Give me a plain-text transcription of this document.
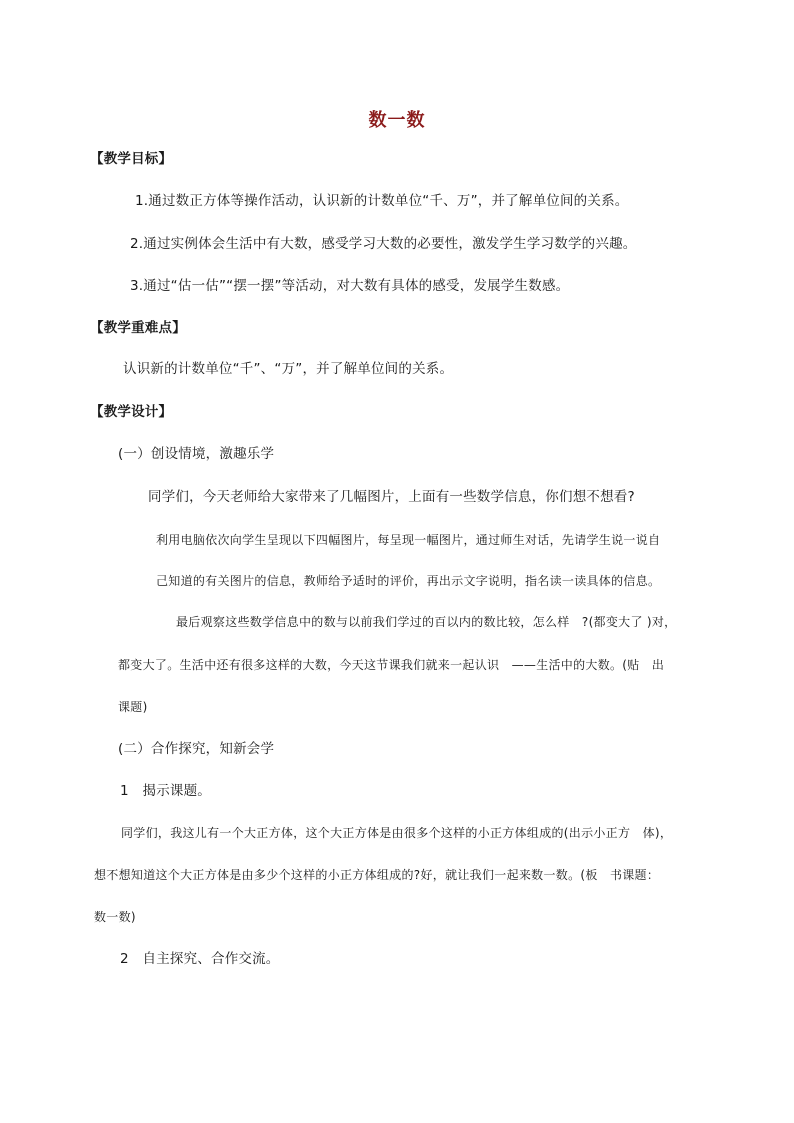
数一数
【教学目标】
1.通过数正方体等操作活动，认识新的计数单位“千、万”，并了解单位间的关系。
2.通过实例体会生活中有大数，感受学习大数的必要性，激发学生学习数学的兴趣。
3.通过“估一估”“摆一摆”等活动，对大数有具体的感受，发展学生数感。
【教学重难点】
认识新的计数单位“千”、“万”，并了解单位间的关系。
【教学设计】
(一）创设情境，激趣乐学
同学们，今天老师给大家带来了几幅图片，上面有一些数学信息，你们想不想看?
利用电脑依次向学生呈现以下四幅图片，每呈现一幅图片，通过师生对话，先请学生说一说自
己知道的有关图片的信息，教师给予适时的评价，再出示文字说明，指名读一读具体的信息。
最后观察这些数学信息中的数与以前我们学过的百以内的数比较，怎么样　?(都变大了 )对，
都变大了。生活中还有很多这样的大数，今天这节课我们就来一起认识　——生活中的大数。(贴　出
课题)
(二）合作探究，知新会学
1　揭示课题。
同学们，我这儿有一个大正方体，这个大正方体是由很多个这样的小正方体组成的(出示小正方　体)，
想不想知道这个大正方体是由多少个这样的小正方体组成的?好，就让我们一起来数一数。(板　书课题：
数一数)
2　自主探究、合作交流。
